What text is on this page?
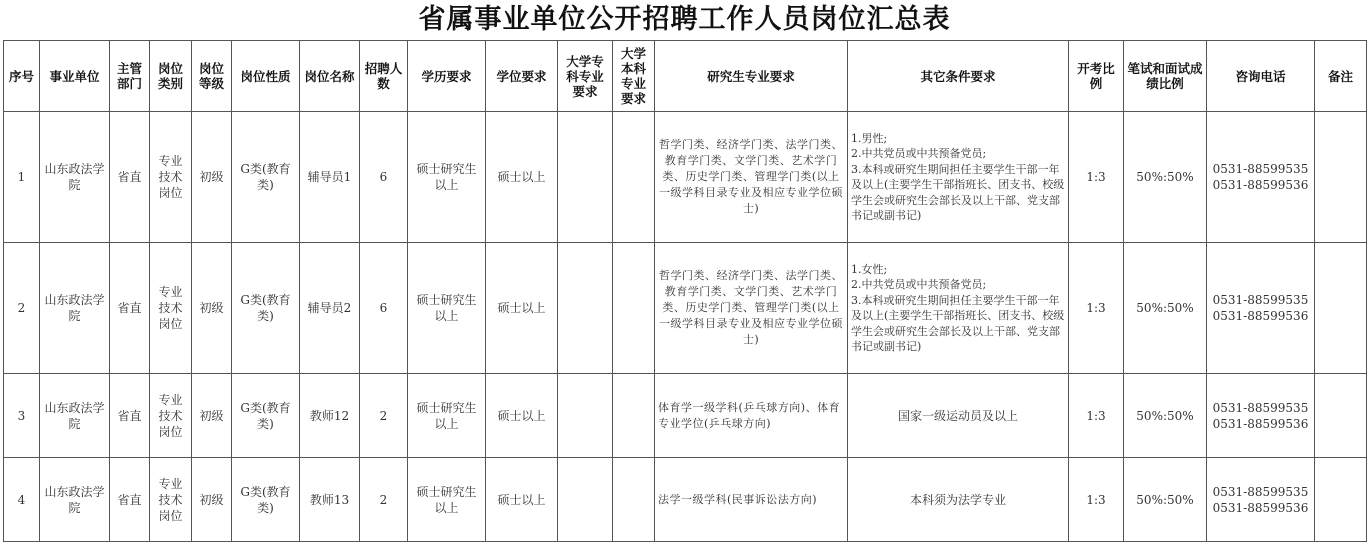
省属事业单位公开招聘工作人员岗位汇总表
序号	事业单位	主管部门	岗位类别	岗位等级	岗位性质	岗位名称	招聘人数	学历要求	学位要求	大学专科专业要求	大学本科专业要求	研究生专业要求	其它条件要求	开考比例	笔试和面试成绩比例	咨询电话	备注
1	山东政法学院	省直	专业技术岗位	初级	G类(教育类)	辅导员1	6	硕士研究生以上	硕士以上			哲学门类、经济学门类、法学门类、教育学门类、文学门类、艺术学门类、历史学门类、管理学门类(以上一级学科目录专业及相应专业学位硕士)	1.男性;
2.中共党员或中共预备党员;
3.本科或研究生期间担任主要学生干部一年及以上(主要学生干部指班长、团支书、校级学生会或研究生会部长及以上干部、党支部书记或副书记)	1:3	50%:50%	0531-88599535
0531-88599536	

2	山东政法学院	省直	专业技术岗位	初级	G类(教育类)	辅导员2	6	硕士研究生以上	硕士以上			哲学门类、经济学门类、法学门类、教育学门类、文学门类、艺术学门类、历史学门类、管理学门类(以上一级学科目录专业及相应专业学位硕士)	1.女性;
2.中共党员或中共预备党员;
3.本科或研究生期间担任主要学生干部一年及以上(主要学生干部指班长、团支书、校级学生会或研究生会部长及以上干部、党支部书记或副书记)	1:3	50%:50%	0531-88599535
0531-88599536	

3	山东政法学院	省直	专业技术岗位	初级	G类(教育类)	教师12	2	硕士研究生以上	硕士以上			体育学一级学科(乒乓球方向)、体育专业学位(乒乓球方向)	国家一级运动员及以上	1:3	50%:50%	0531-88599535
0531-88599536	

4	山东政法学院	省直	专业技术岗位	初级	G类(教育类)	教师13	2	硕士研究生以上	硕士以上			法学一级学科(民事诉讼法方向)	本科须为法学专业	1:3	50%:50%	0531-88599535
0531-88599536	
